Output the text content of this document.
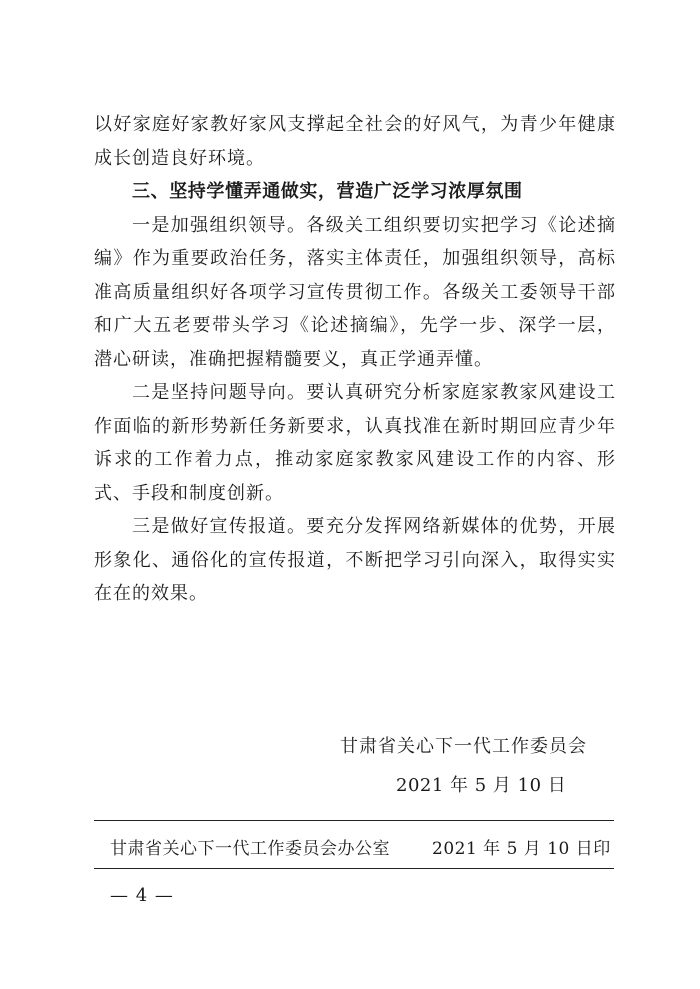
以好家庭好家教好家风支撑起全社会的好风气，为青少年健康成长创造良好环境。

三、坚持学懂弄通做实，营造广泛学习浓厚氛围

一是加强组织领导。各级关工组织要切实把学习《论述摘编》作为重要政治任务，落实主体责任，加强组织领导，高标准高质量组织好各项学习宣传贯彻工作。各级关工委领导干部和广大五老要带头学习《论述摘编》，先学一步、深学一层，潜心研读，准确把握精髓要义，真正学通弄懂。

二是坚持问题导向。要认真研究分析家庭家教家风建设工作面临的新形势新任务新要求，认真找准在新时期回应青少年诉求的工作着力点，推动家庭家教家风建设工作的内容、形式、手段和制度创新。

三是做好宣传报道。要充分发挥网络新媒体的优势，开展形象化、通俗化的宣传报道，不断把学习引向深入，取得实实在在的效果。

甘肃省关心下一代工作委员会
2021 年 5 月 10 日
甘肃省关心下一代工作委员会办公室 2021 年 5 月 10 日印
— 4 —
